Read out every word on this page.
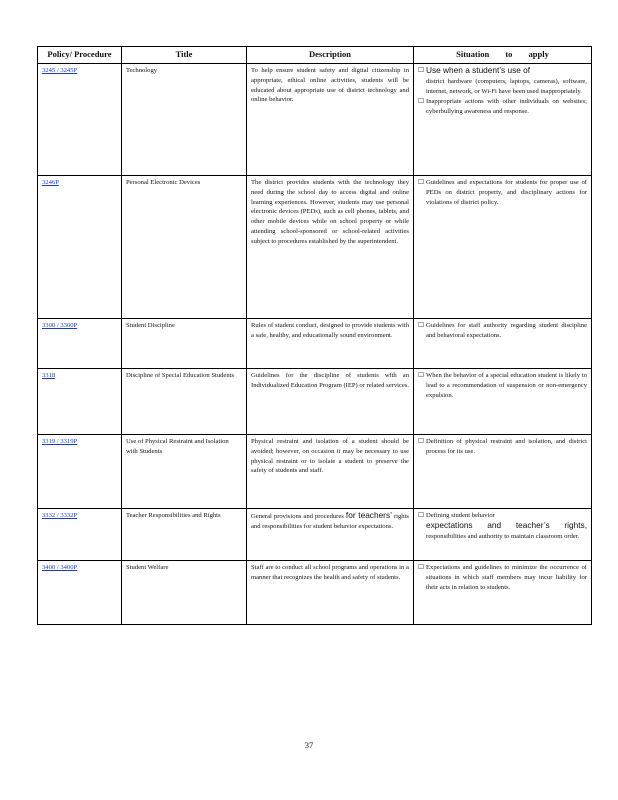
Policy/ Procedure	Title	Description	Situation to apply
3245 / 3245P	Technology	To help ensure student safety and digital citizenship in appropriate, ethical online activities, students will be educated about appropriate use of district technology and online behavior.	☐ Use when a student’s use of
district hardware (computers, laptops, cameras), software, internet, network, or Wi-Fi have been used inappropriately.
☐ Inappropriate actions with other individuals on websites; cyberbullying awareness and response.

3246P	Personal Electronic Devices	The district provides students with the technology they need during the school day to access digital and online learning experiences. However, students may use personal electronic devices (PEDs), such as cell phones, tablets, and other mobile devices while on school property or while attending school-sponsored or school-related activities subject to procedures established by the superintendent.	☐ Guidelines and expectations for students for proper use of PEDs on district property, and disciplinary actions for violations of district policy.

3300 / 3300P	Student Discipline	Rules of student conduct, designed to provide students with a safe, healthy, and educationally sound environment.	☐ Guidelines for staff authority regarding student discipline and behavioral expectations.

3318	Discipline of Special Education Students	Guidelines for the discipline of students with an Individualized Education Program (IEP) or related services.	☐ When the behavior of a special education student is likely to lead to a recommendation of suspension or non-emergency expulsion.

3319 / 3319P	Use of Physical Restraint and Isolation with Students	Physical restraint and isolation of a student should be avoided; however, on occasion it may be necessary to use physical restraint or to isolate a student to preserve the safety of students and staff.	☐ Definition of physical restraint and isolation, and district process for its use.

3332 / 3332P	Teacher Responsibilities and Rights	General provisions and procedures for teachers’ rights and responsibilities for student behavior expectations.	☐ Defining student behavior
expectations and teacher’s rights, responsibilities and authority to maintain classroom order.

3400 / 3400P	Student Welfare	Staff are to conduct all school programs and operations in a manner that recognizes the health and safety of students.	☐ Expectations and guidelines to minimize the occurrence of situations in which staff members may incur liability for their acts in relation to students.
37
